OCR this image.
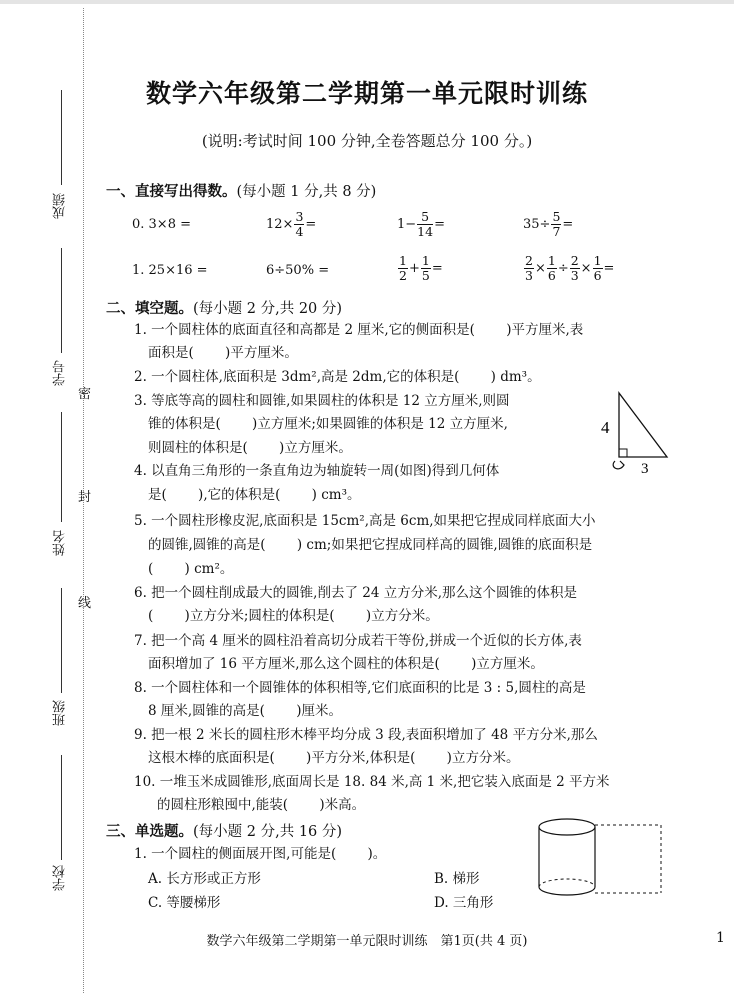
成绩
学号
姓名
班级
学校
密
封
线
数学六年级第二学期第一单元限时训练
(说明:考试时间 100 分钟,全卷答题总分 100 分。)
一、直接写出得数。(每小题 1 分,共 8 分)
0. 3×8 =	$12\times \frac{3}{4}$ =	$1- \frac{5}{14}$ =	$35\div \frac{5}{7}$ =
1. 25×16 =	6÷50% =	$\frac{1}{2} + \frac{1}{5}$ =	$\frac{2}{3} \times \frac{1}{6} \div \frac{2}{3} \times \frac{1}{6}$ =
二、填空题。(每小题 2 分,共 20 分)
1. 一个圆柱体的底面直径和高都是 2 厘米,它的侧面积是(　　 )平方厘米,表
面积是(　　 )平方厘米。
2. 一个圆柱体,底面积是 3dm²,高是 2dm,它的体积是(　　 ) dm³。
3. 等底等高的圆柱和圆锥,如果圆柱的体积是 12 立方厘米,则圆
锥的体积是(　　 )立方厘米;如果圆锥的体积是 12 立方厘米,
则圆柱的体积是(　　 )立方厘米。
4. 以直角三角形的一条直角边为轴旋转一周(如图)得到几何体
是(　　 ),它的体积是(　　 ) cm³。
4
3
5. 一个圆柱形橡皮泥,底面积是 15cm²,高是 6cm,如果把它捏成同样底面大小
的圆锥,圆锥的高是(　　 ) cm;如果把它捏成同样高的圆锥,圆锥的底面积是
(　　 ) cm²。
6. 把一个圆柱削成最大的圆锥,削去了 24 立方分米,那么这个圆锥的体积是
(　　 )立方分米;圆柱的体积是(　　 )立方分米。
7. 把一个高 4 厘米的圆柱沿着高切分成若干等份,拼成一个近似的长方体,表
面积增加了 16 平方厘米,那么这个圆柱的体积是(　　 )立方厘米。
8. 一个圆柱体和一个圆锥体的体积相等,它们底面积的比是 3 : 5,圆柱的高是
8 厘米,圆锥的高是(　　 )厘米。
9. 把一根 2 米长的圆柱形木棒平均分成 3 段,表面积增加了 48 平方分米,那么
这根木棒的底面积是(　　 )平方分米,体积是(　　 )立方分米。
10. 一堆玉米成圆锥形,底面周长是 18. 84 米,高 1 米,把它装入底面是 2 平方米
的圆柱形粮囤中,能装(　　 )米高。
三、单选题。(每小题 2 分,共 16 分)
1. 一个圆柱的侧面展开图,可能是(　　 )。
A. 长方形或正方形	B. 梯形
C. 等腰梯形	D. 三角形
数学六年级第二学期第一单元限时训练　第1页(共 4 页)	1
